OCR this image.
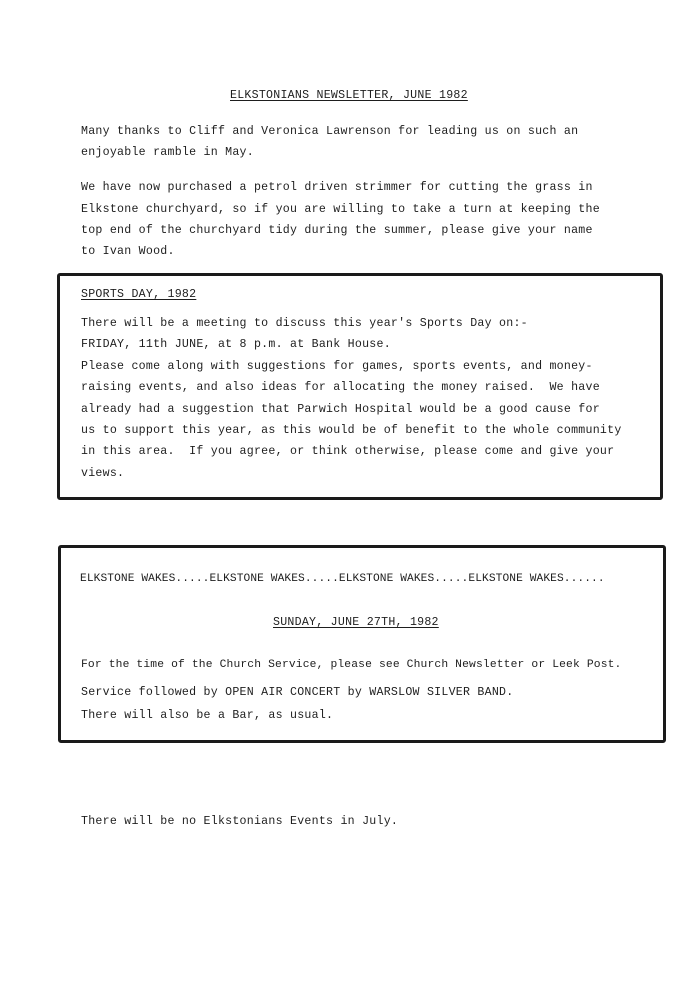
ELKSTONIANS NEWSLETTER, JUNE 1982
Many thanks to Cliff and Veronica Lawrenson for leading us on such an
enjoyable ramble in May.
We have now purchased a petrol driven strimmer for cutting the grass in
Elkstone churchyard, so if you are willing to take a turn at keeping the
top end of the churchyard tidy during the summer, please give your name
to Ivan Wood.
SPORTS DAY, 1982
There will be a meeting to discuss this year's Sports Day on:-
FRIDAY, 11th JUNE, at 8 p.m. at Bank House.
Please come along with suggestions for games, sports events, and money-
raising events, and also ideas for allocating the money raised.  We have
already had a suggestion that Parwich Hospital would be a good cause for
us to support this year, as this would be of benefit to the whole community
in this area.  If you agree, or think otherwise, please come and give your
views.
ELKSTONE WAKES.....ELKSTONE WAKES.....ELKSTONE WAKES.....ELKSTONE WAKES......
SUNDAY, JUNE 27TH, 1982
For the time of the Church Service, please see Church Newsletter or Leek Post.
Service followed by OPEN AIR CONCERT by WARSLOW SILVER BAND.
There will also be a Bar, as usual.
There will be no Elkstonians Events in July.
